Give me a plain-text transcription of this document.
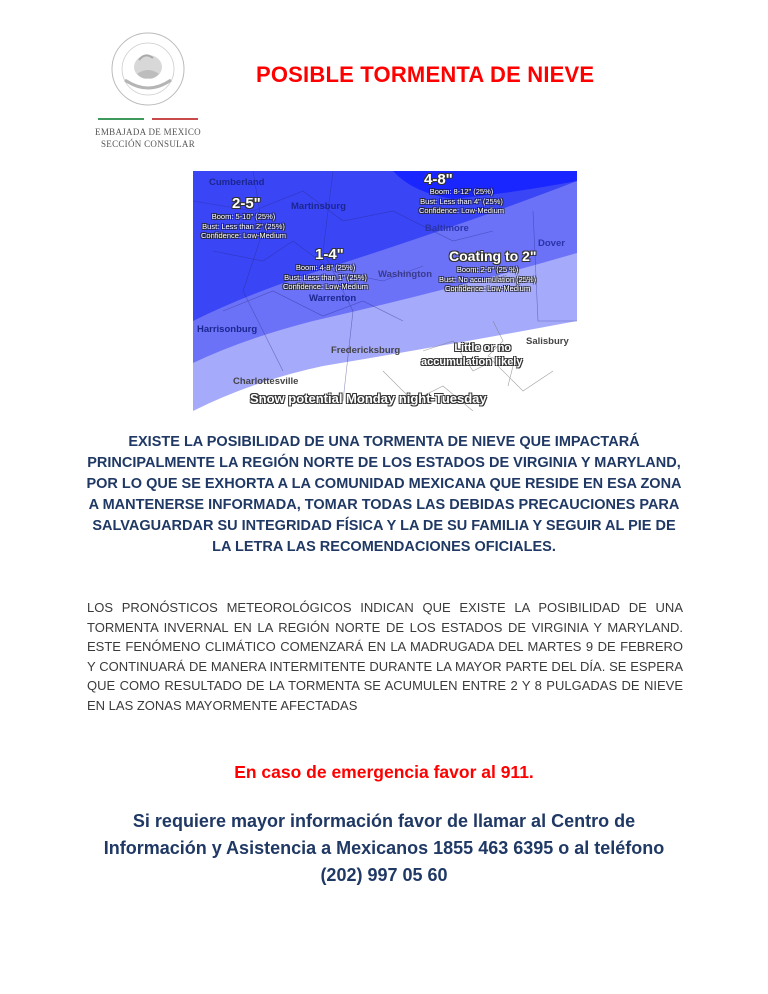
EMBAJADA DE MEXICO
SECCIÓN CONSULAR
POSIBLE TORMENTA DE NIEVE
Cumberland
Martinsburg
Baltimore
Dover
Washington
Warrenton
Harrisonburg
Fredericksburg
Salisbury
Charlottesville
4-8"
Boom: 8-12" (25%)
Bust: Less than 4" (25%)
Confidence: Low-Medium
2-5"
Boom: 5-10" (25%)
Bust: Less than 2" (25%)
Confidence: Low-Medium
1-4"
Boom: 4-8" (25%)
Bust: Less than 1" (25%)
Confidence: Low-Medium
Coating to 2"
Boom: 2-6" (25 %)
Bust: No accumulation (25%)
Confidence: Low-Medium
Little or no
accumulation likely
Snow potential Monday night-Tuesday
EXISTE LA POSIBILIDAD DE UNA TORMENTA DE NIEVE QUE IMPACTARÁ PRINCIPALMENTE LA REGIÓN NORTE DE LOS ESTADOS DE VIRGINIA Y MARYLAND, POR LO QUE SE EXHORTA A LA COMUNIDAD MEXICANA QUE RESIDE EN ESA ZONA A MANTENERSE INFORMADA, TOMAR TODAS LAS DEBIDAS PRECAUCIONES PARA SALVAGUARDAR SU INTEGRIDAD FÍSICA Y LA DE SU FAMILIA Y SEGUIR AL PIE DE LA LETRA LAS RECOMENDACIONES OFICIALES.
LOS PRONÓSTICOS METEOROLÓGICOS INDICAN QUE EXISTE LA POSIBILIDAD DE UNA TORMENTA INVERNAL EN LA REGIÓN NORTE DE LOS ESTADOS DE VIRGINIA Y MARYLAND. ESTE FENÓMENO CLIMÁTICO COMENZARÁ EN LA MADRUGADA DEL MARTES 9 DE FEBRERO Y CONTINUARÁ DE MANERA INTERMITENTE DURANTE LA MAYOR PARTE DEL DÍA. SE ESPERA QUE COMO RESULTADO DE LA TORMENTA SE ACUMULEN ENTRE 2 Y 8 PULGADAS DE NIEVE EN LAS ZONAS MAYORMENTE AFECTADAS
En caso de emergencia favor al 911.
Si requiere mayor información favor de llamar al Centro de Información y Asistencia a Mexicanos 1855 463 6395 o al teléfono (202) 997 05 60
